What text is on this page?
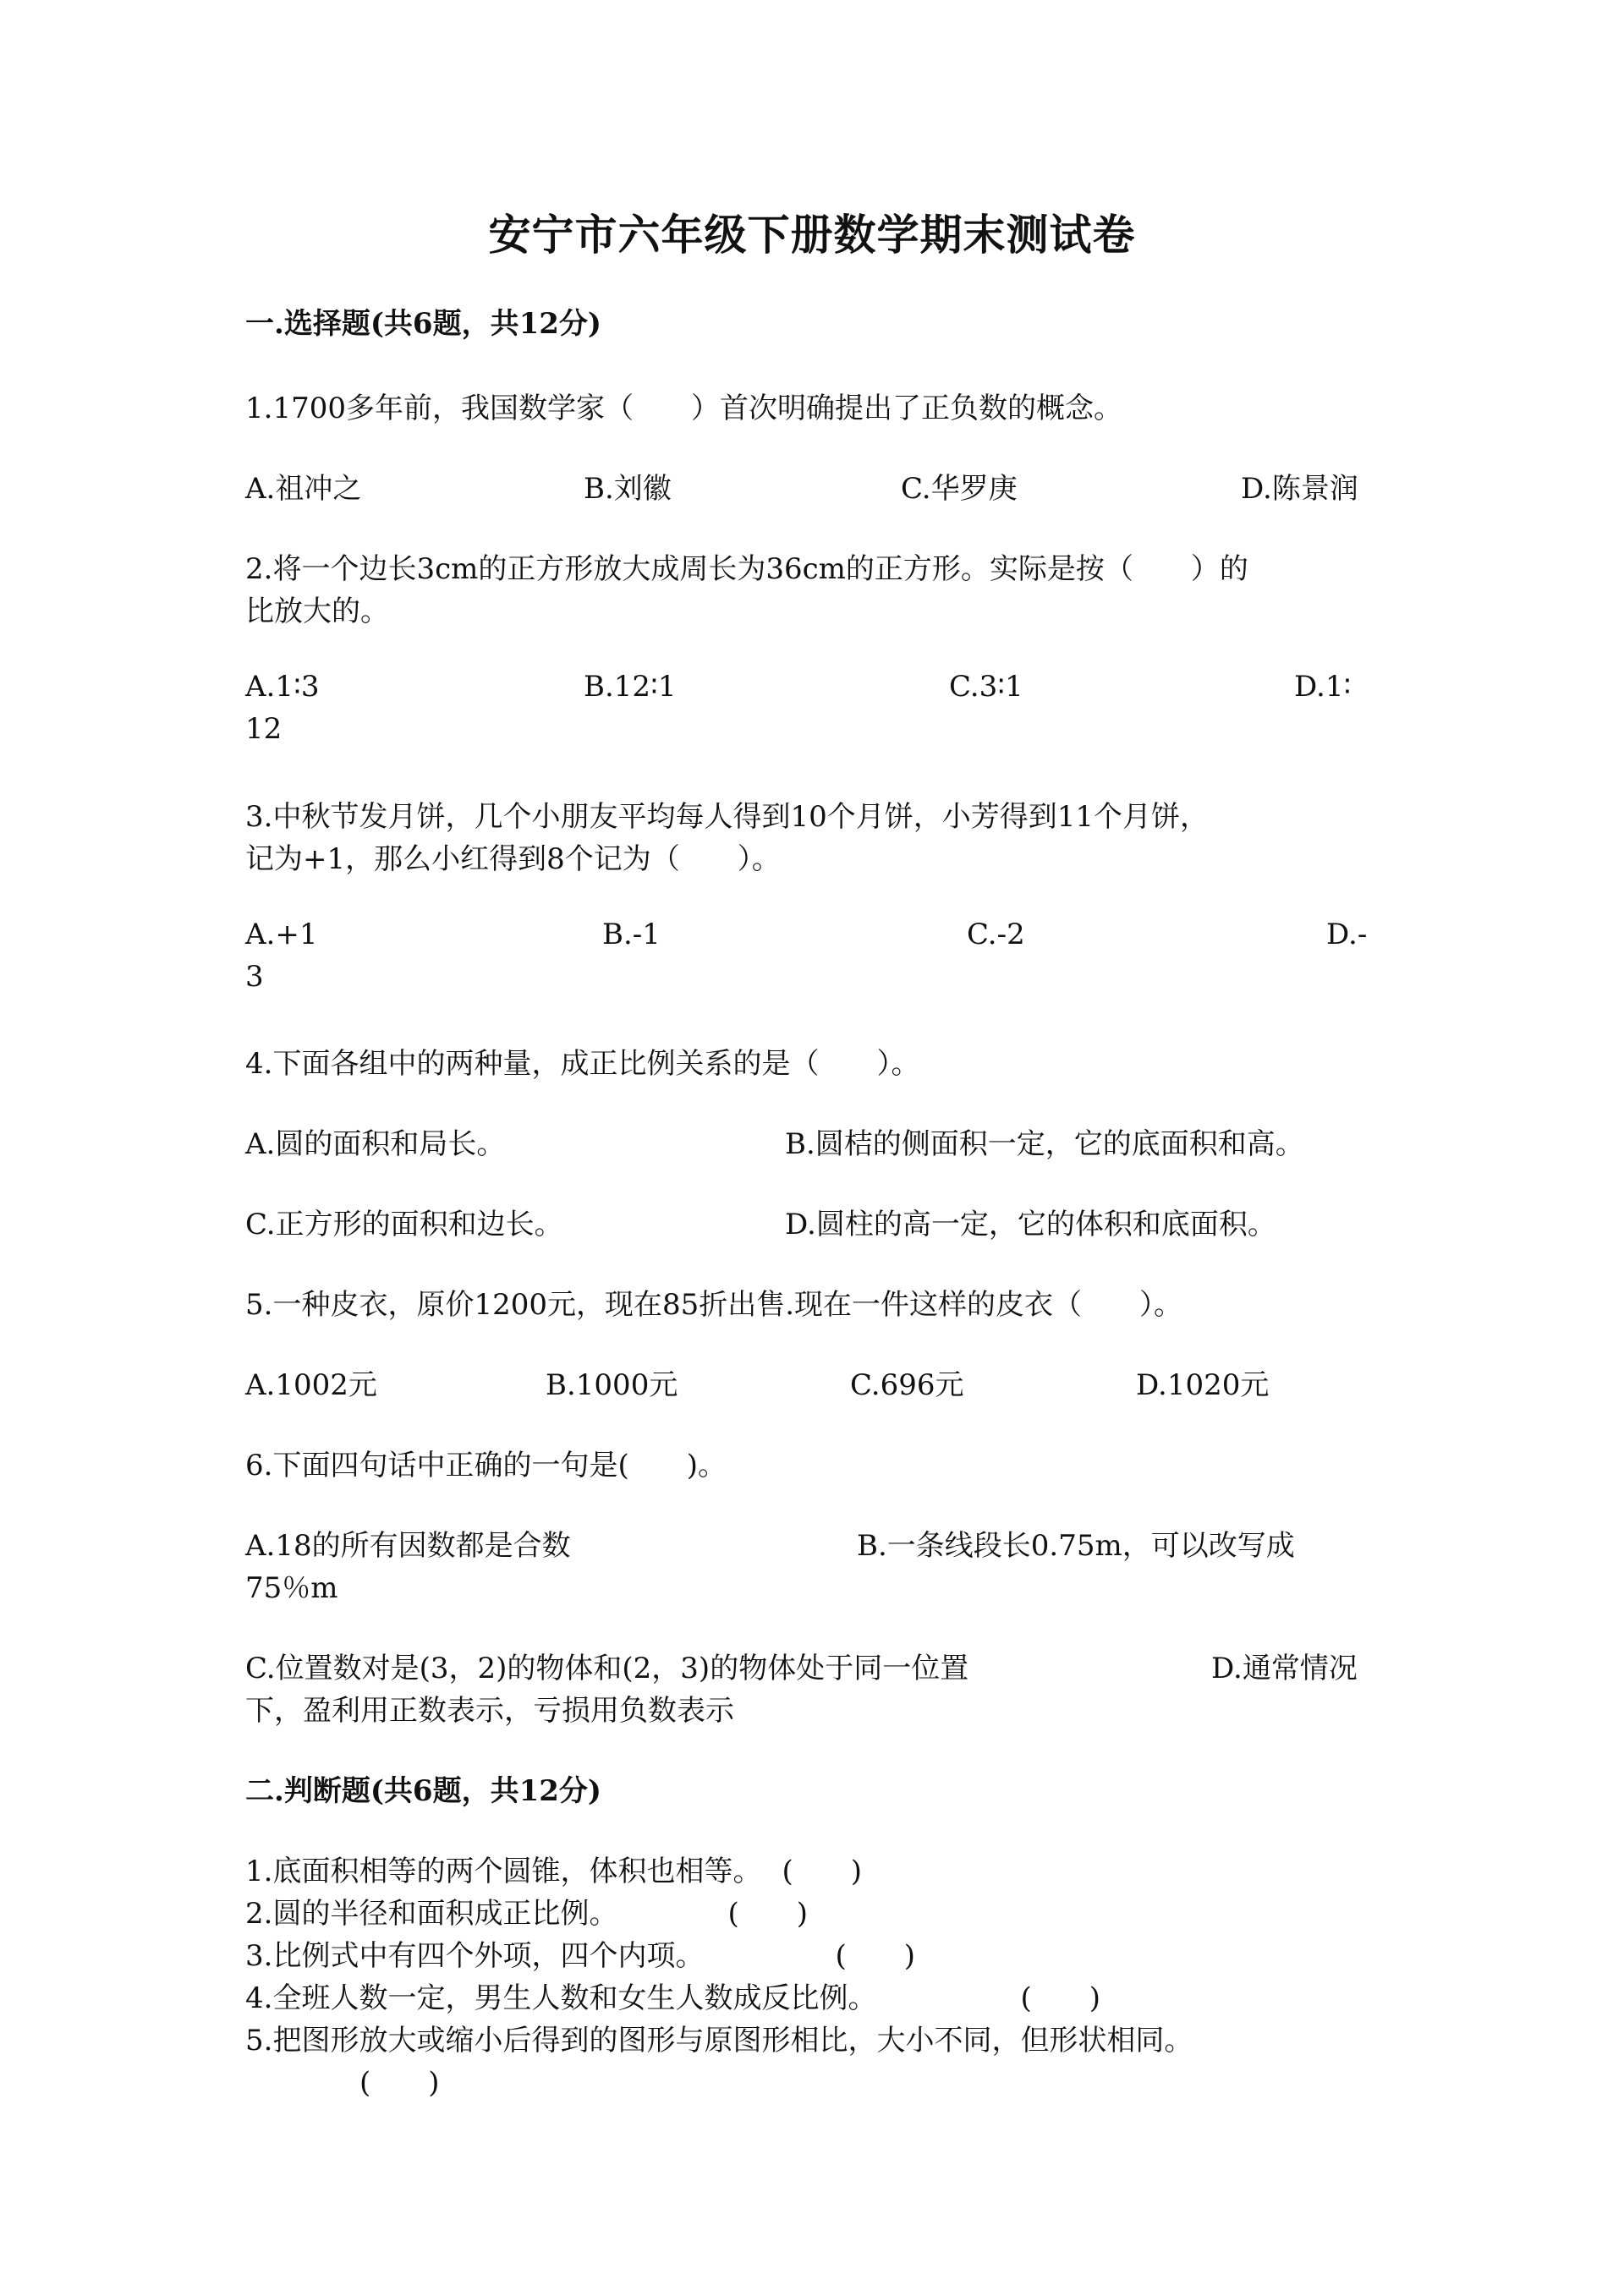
安宁市六年级下册数学期末测试卷
一.选择题(共6题，共12分)
1.1700多年前，我国数学家（　　）首次明确提出了正负数的概念。
A.祖冲之	B.刘徽	C.华罗庚	D.陈景润
2.将一个边长3cm的正方形放大成周长为36cm的正方形。实际是按（　　）的
比放大的。
A.1∶3	B.12∶1	C.3∶1	D.1∶
12
3.中秋节发月饼，几个小朋友平均每人得到10个月饼，小芳得到11个月饼，
记为+1，那么小红得到8个记为（　　）。
A.+1	B.-1	C.-2	D.-
3
4.下面各组中的两种量，成正比例关系的是（　　）。
A.圆的面积和局长。	B.圆桔的侧面积一定，它的底面积和高。
C.正方形的面积和边长。	D.圆柱的高一定，它的体积和底面积。
5.一种皮衣，原价1200元，现在85折出售.现在一件这样的皮衣（　　）。
A.1002元	B.1000元	C.696元	D.1020元
6.下面四句话中正确的一句是(　　)。
A.18的所有因数都是合数	B.一条线段长0.75m，可以改写成
75％m
C.位置数对是(3，2)的物体和(2，3)的物体处于同一位置	D.通常情况
下，盈利用正数表示，亏损用负数表示
二.判断题(共6题，共12分)
1.底面积相等的两个圆锥，体积也相等。 (　　)
2.圆的半径和面积成正比例。	(　　)
3.比例式中有四个外项，四个内项。	(　　)
4.全班人数一定，男生人数和女生人数成反比例。	(　　)
5.把图形放大或缩小后得到的图形与原图形相比，大小不同，但形状相同。
(　　)
